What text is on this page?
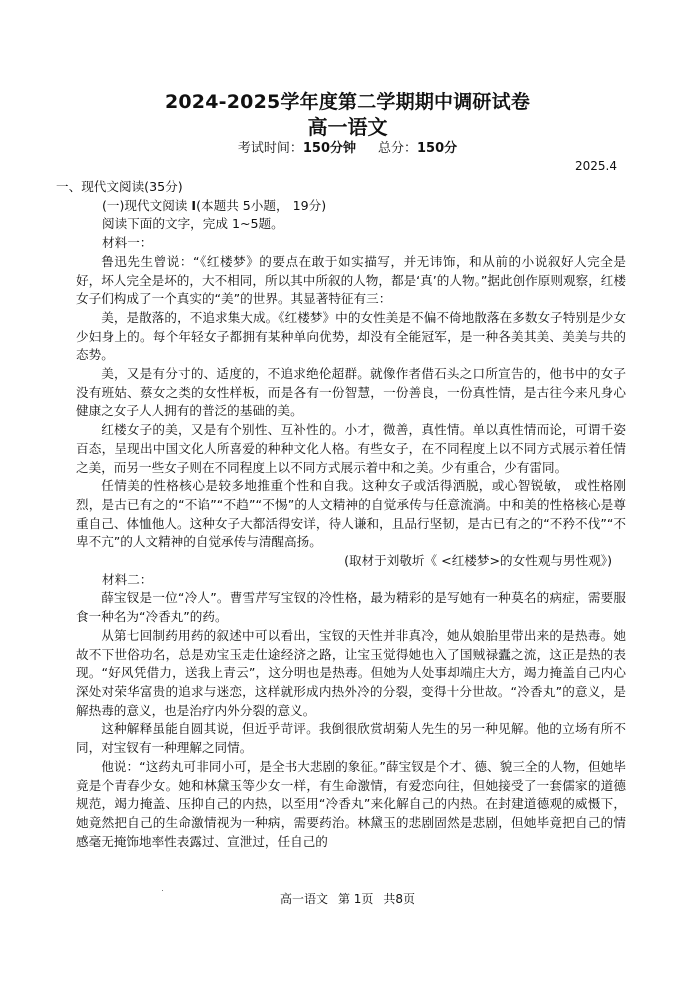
2024-2025学年度第二学期期中调研试卷
高一语文
考试时间：150分钟 总分：150分
2025.4

一、现代文阅读(35分)

(一)现代文阅读 I(本题共 5小题， 19分)

阅读下面的文字，完成 1~5题。

材料一：

鲁迅先生曾说：“《红楼梦》的要点在敢于如实描写，并无讳饰，和从前的小说叙好人完全是好，坏人完全是坏的，大不相同，所以其中所叙的人物，都是‘真’的人物。”据此创作原则观察，红楼女子们构成了一个真实的“美”的世界。其显著特征有三：

美，是散落的，不追求集大成。《红楼梦》中的女性美是不偏不倚地散落在多数女子特别是少女少妇身上的。每个年轻女子都拥有某种单向优势，却没有全能冠军，是一种各美其美、美美与共的态势。

美，又是有分寸的、适度的，不追求绝伦超群。就像作者借石头之口所宣告的，他书中的女子没有班姑、蔡女之类的女性样板，而是各有一份智慧，一份善良，一份真性情，是古往今来凡身心健康之女子人人拥有的普泛的基础的美。

红楼女子的美，又是有个别性、互补性的。小才，微善，真性情。单以真性情而论，可谓千姿百态，呈现出中国文化人所喜爱的种种文化人格。有些女子，在不同程度上以不同方式展示着任情之美，而另一些女子则在不同程度上以不同方式展示着中和之美。少有重合，少有雷同。

任情美的性格核心是较多地推重个性和自我。这种女子或活得洒脱，或心智锐敏， 或性格刚烈，是古已有之的“不谄”“不趋”“不惕”的人文精神的自觉承传与任意流淌。中和美的性格核心是尊重自己、体恤他人。这种女子大都活得安详，待人谦和，且品行坚韧，是古已有之的“不矜不伐”“不卑不亢”的人文精神的自觉承传与清醒高扬。

(取材于刘敬圻《 <红楼梦>的女性观与男性观》)

材料二：

薛宝钗是一位“冷人”。曹雪芹写宝钗的冷性格，最为精彩的是写她有一种莫名的病症，需要服食一种名为“冷香丸”的药。

从第七回制药用药的叙述中可以看出，宝钗的天性并非真冷，她从娘胎里带出来的是热毒。她故不下世俗功名，总是劝宝玉走仕途经济之路，让宝玉觉得她也入了国贼禄蠹之流，这正是热的表现。“好风凭借力，送我上青云”，这分明也是热毒。但她为人处事却端庄大方，竭力掩盖自己内心深处对荣华富贵的追求与迷恋，这样就形成内热外冷的分裂，变得十分世故。“冷香丸”的意义，是解热毒的意义，也是治疗内外分裂的意义。

这种解释虽能自圆其说，但近乎苛评。我倒很欣赏胡菊人先生的另一种见解。他的立场有所不同，对宝钗有一种理解之同情。

他说：“这药丸可非同小可，是全书大悲剧的象征。”薛宝钗是个才、德、貌三全的人物，但她毕竟是个青春少女。她和林黛玉等少女一样，有生命激情，有爱恋向往，但她接受了一套儒家的道德规范，竭力掩盖、压抑自己的内热，以至用“冷香丸”来化解自己的内热。在封建道德观的威慑下，她竟然把自己的生命激情视为一种病，需要药治。林黛玉的悲剧固然是悲剧，但她毕竟把自己的情感毫无掩饰地率性表露过、宣泄过，任自己的

高一语文 第 1页 共8页
